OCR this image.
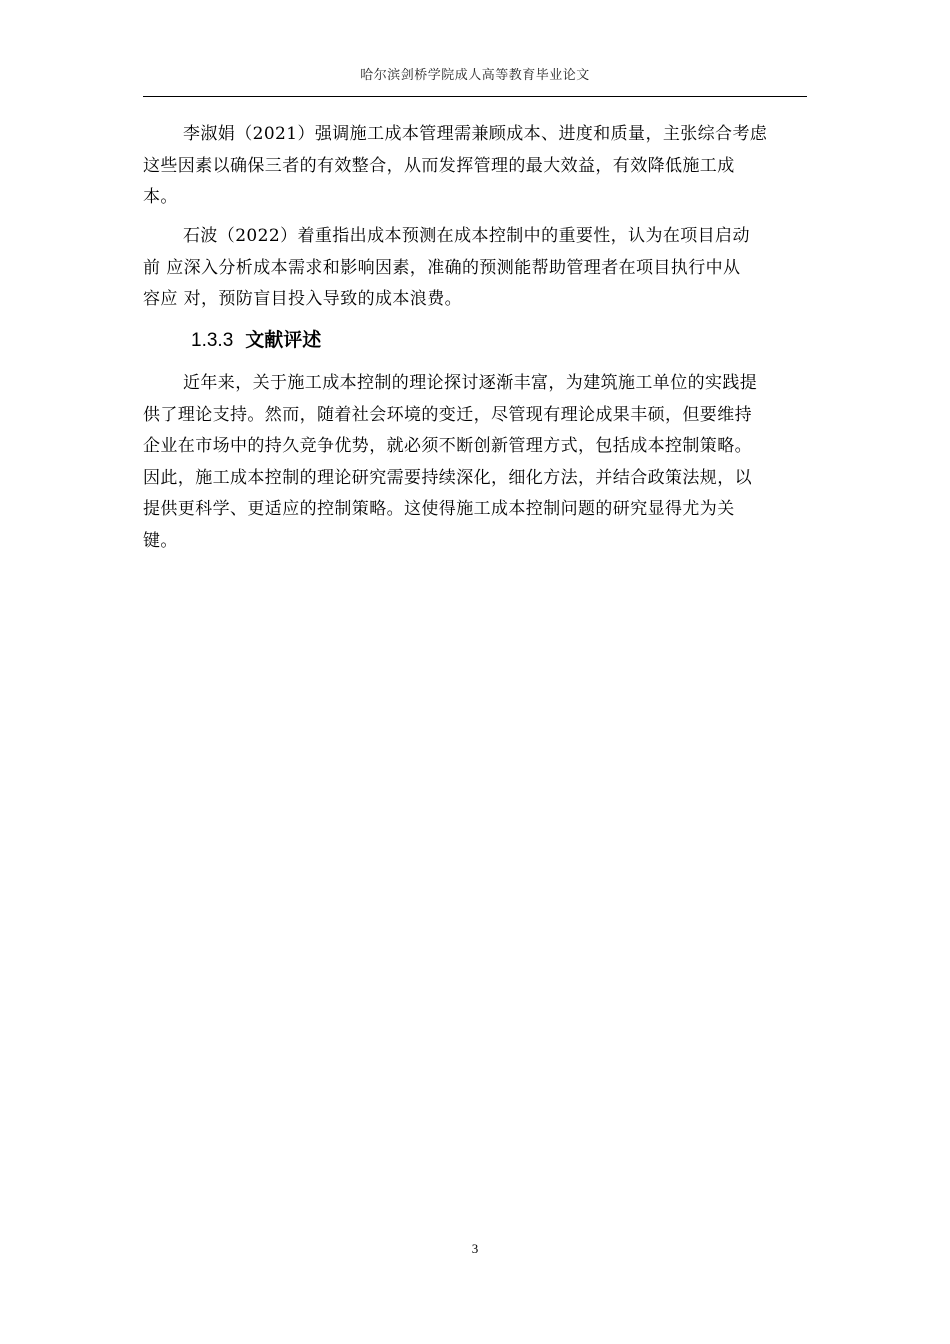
哈尔滨剑桥学院成人高等教育毕业论文

李淑娟（2021）强调施工成本管理需兼顾成本、进度和质量，主张综合考虑
这些因素以确保三者的有效整合，从而发挥管理的最大效益，有效降低施工成
本。

石波（2022）着重指出成本预测在成本控制中的重要性，认为在项目启动
前 应深入分析成本需求和影响因素，准确的预测能帮助管理者在项目执行中从
容应 对，预防盲目投入导致的成本浪费。

1.3.3 文献评述

近年来，关于施工成本控制的理论探讨逐渐丰富，为建筑施工单位的实践提
供了理论支持。然而，随着社会环境的变迁，尽管现有理论成果丰硕，但要维持
企业在市场中的持久竞争优势，就必须不断创新管理方式，包括成本控制策略。
因此，施工成本控制的理论研究需要持续深化，细化方法，并结合政策法规，以
提供更科学、更适应的控制策略。这使得施工成本控制问题的研究显得尤为关
键。

3
